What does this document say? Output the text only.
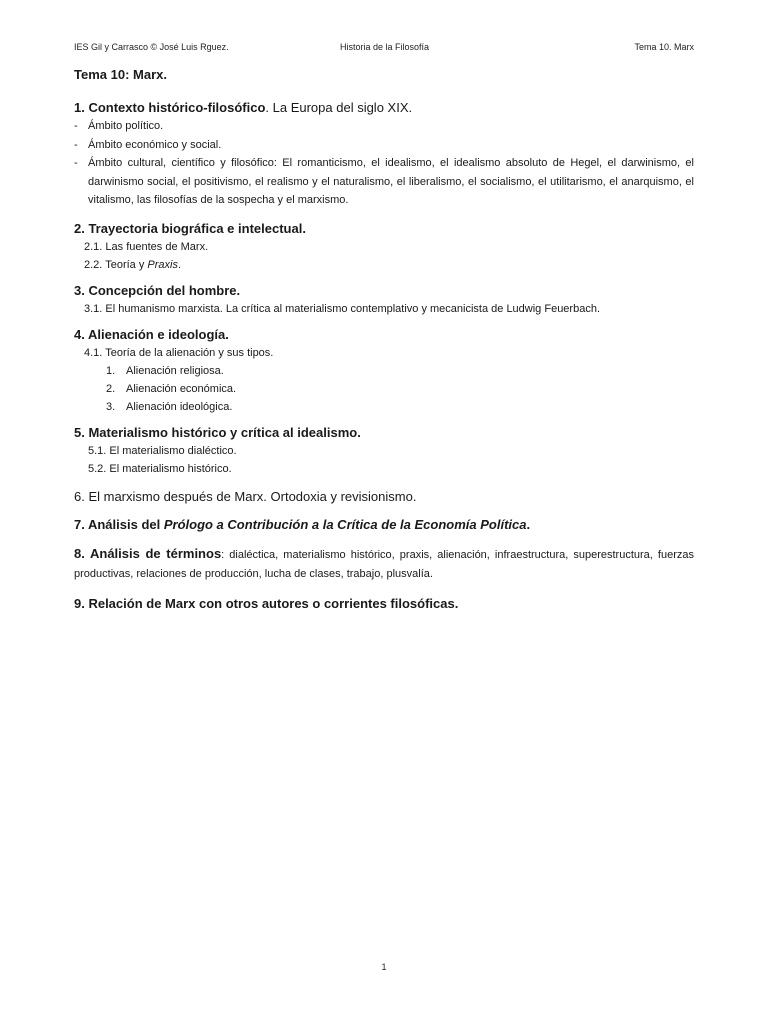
IES Gil y Carrasco © José Luis Rguez.	Historia de la Filosofía	Tema 10. Marx
Tema 10: Marx.
1. Contexto histórico-filosófico. La Europa del siglo XIX.
- Ámbito político.
- Ámbito económico y social.
- Ámbito cultural, científico y filosófico: El romanticismo, el idealismo, el idealismo absoluto de Hegel, el darwinismo, el darwinismo social, el positivismo, el realismo y el naturalismo, el liberalismo, el socialismo, el utilitarismo, el anarquismo, el vitalismo, las filosofías de la sospecha y el marxismo.
2. Trayectoria biográfica e intelectual.
2.1. Las fuentes de Marx.
2.2. Teoría y Praxis.
3. Concepción del hombre.
3.1. El humanismo marxista. La crítica al materialismo contemplativo y mecanicista de Ludwig Feuerbach.
4. Alienación e ideología.
4.1. Teoría de la alienación y sus tipos.
1. Alienación religiosa.
2. Alienación económica.
3. Alienación ideológica.
5. Materialismo histórico y crítica al idealismo.
5.1. El materialismo dialéctico.
5.2. El materialismo histórico.
6. El marxismo después de Marx. Ortodoxia y revisionismo.
7. Análisis del Prólogo a Contribución a la Crítica de la Economía Política.
8. Análisis de términos: dialéctica, materialismo histórico, praxis, alienación, infraestructura, superestructura, fuerzas productivas, relaciones de producción, lucha de clases, trabajo, plusvalía.
9. Relación de Marx con otros autores o corrientes filosóficas.
1
